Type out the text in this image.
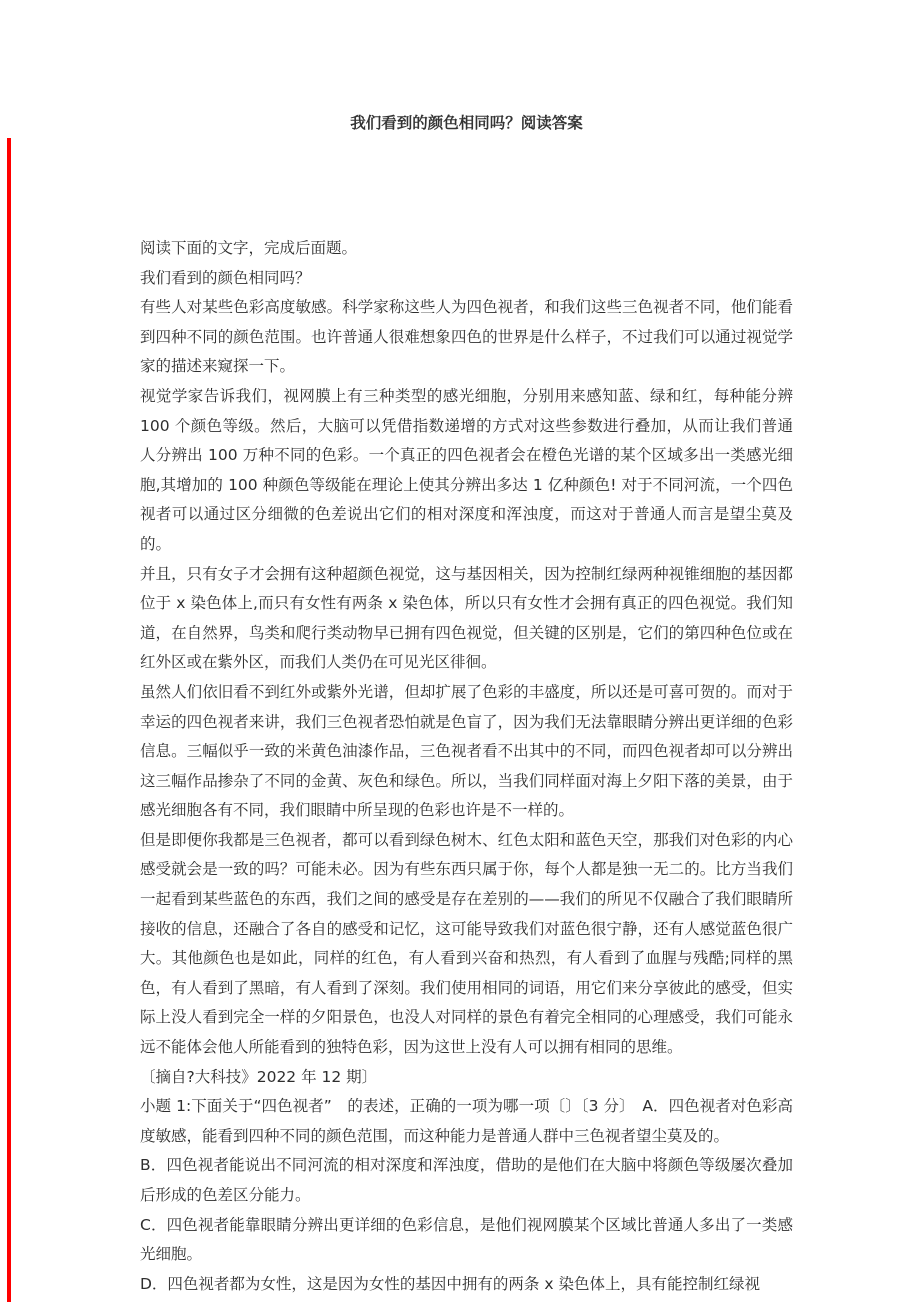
我们看到的颜色相同吗？阅读答案

阅读下面的文字，完成后面题。

我们看到的颜色相同吗？

有些人对某些色彩高度敏感。科学家称这些人为四色视者，和我们这些三色视者不同，他们能看到四种不同的颜色范围。也许普通人很难想象四色的世界是什么样子，不过我们可以通过视觉学家的描述来窥探一下。

视觉学家告诉我们，视网膜上有三种类型的感光细胞，分别用来感知蓝、绿和红，每种能分辨 100 个颜色等级。然后，大脑可以凭借指数递增的方式对这些参数进行叠加，从而让我们普通人分辨出 100 万种不同的色彩。一个真正的四色视者会在橙色光谱的某个区域多出一类感光细胞,其增加的 100 种颜色等级能在理论上使其分辨出多达 1 亿种颜色! 对于不同河流，一个四色视者可以通过区分细微的色差说出它们的相对深度和浑浊度，而这对于普通人而言是望尘莫及的。

并且，只有女子才会拥有这种超颜色视觉，这与基因相关，因为控制红绿两种视锥细胞的基因都位于 x 染色体上,而只有女性有两条 x 染色体，所以只有女性才会拥有真正的四色视觉。我们知道，在自然界，鸟类和爬行类动物早已拥有四色视觉，但关键的区别是，它们的第四种色位或在红外区或在紫外区，而我们人类仍在可见光区徘徊。

虽然人们依旧看不到红外或紫外光谱，但却扩展了色彩的丰盛度，所以还是可喜可贺的。而对于幸运的四色视者来讲，我们三色视者恐怕就是色盲了，因为我们无法靠眼睛分辨出更详细的色彩信息。三幅似乎一致的米黄色油漆作品，三色视者看不出其中的不同，而四色视者却可以分辨出这三幅作品掺杂了不同的金黄、灰色和绿色。所以，当我们同样面对海上夕阳下落的美景，由于感光细胞各有不同，我们眼睛中所呈现的色彩也许是不一样的。

但是即便你我都是三色视者，都可以看到绿色树木、红色太阳和蓝色天空，那我们对色彩的内心感受就会是一致的吗？可能未必。因为有些东西只属于你，每个人都是独一无二的。比方当我们一起看到某些蓝色的东西，我们之间的感受是存在差别的——我们的所见不仅融合了我们眼睛所接收的信息，还融合了各自的感受和记忆，这可能导致我们对蓝色很宁静，还有人感觉蓝色很广大。其他颜色也是如此，同样的红色，有人看到兴奋和热烈，有人看到了血腥与残酷;同样的黑色，有人看到了黑暗，有人看到了深刻。我们使用相同的词语，用它们来分享彼此的感受，但实际上没人看到完全一样的夕阳景色，也没人对同样的景色有着完全相同的心理感受，我们可能永远不能体会他人所能看到的独特色彩，因为这世上没有人可以拥有相同的思维。

〔摘自?大科技》2022 年 12 期〕

小题 1:下面关于“四色视者”　的表述，正确的一项为哪一项〔〕〔3 分〕　A．四色视者对色彩高度敏感，能看到四种不同的颜色范围，而这种能力是普通人群中三色视者望尘莫及的。

B．四色视者能说出不同河流的相对深度和浑浊度，借助的是他们在大脑中将颜色等级屡次叠加后形成的色差区分能力。

C．四色视者能靠眼睛分辨出更详细的色彩信息，是他们视网膜某个区域比普通人多出了一类感光细胞。

D．四色视者都为女性，这是因为女性的基因中拥有的两条 x 染色体上，具有能控制红绿视
